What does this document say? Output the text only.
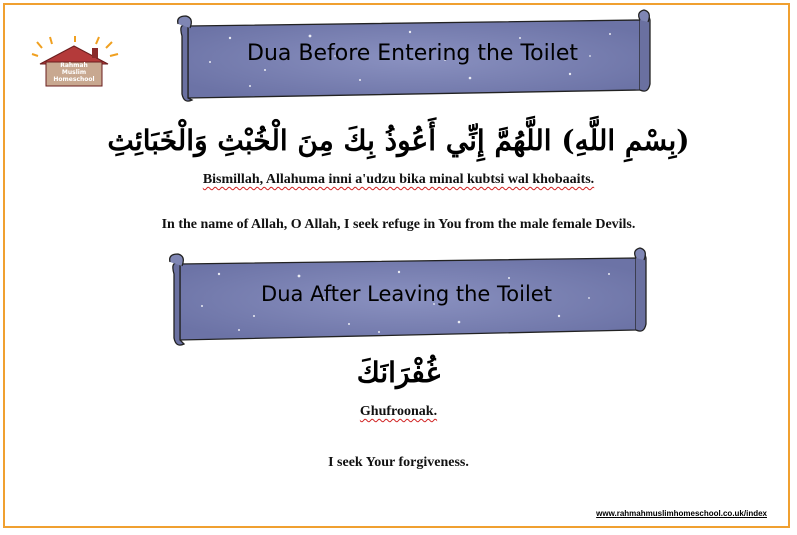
Rahmah
Muslim
Homeschool
Dua Before Entering the Toilet
(بِسْمِ اللَّهِ) اللَّهُمَّ إِنِّي أَعُوذُ بِكَ مِنَ الْخُبْثِ وَالْخَبَائِثِ
Bismillah, Allahuma inni a'udzu bika minal kubtsi wal khobaaits.
In the name of Allah, O Allah, I seek refuge in You from the male female Devils.
Dua After Leaving the Toilet
غُفْرَانَكَ
Ghufroonak.
I seek Your forgiveness.
www.rahmahmuslimhomeschool.co.uk/index
